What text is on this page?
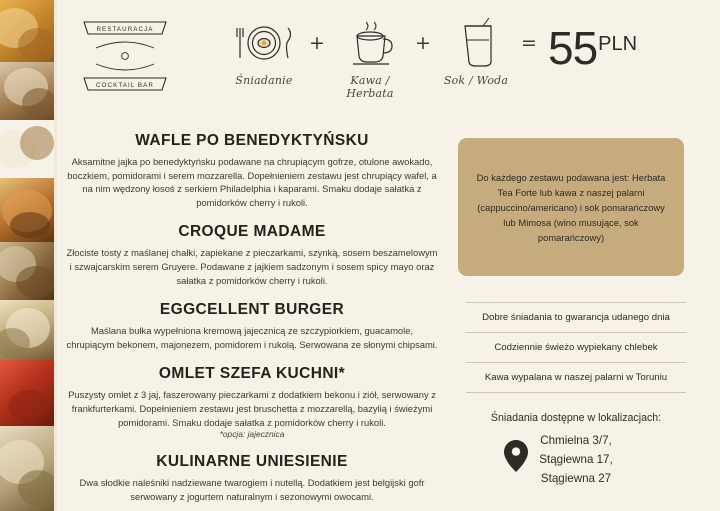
RESTAURACJA
COCKTAIL BAR	Śniadanie
+
Kawa / Herbata
+
Sok / Woda
= 55PLN
WAFLE PO BENEDYKTYŃSKU
Aksamitne jajka po benedyktyńsku podawane na chrupiącym gofrze, otulone awokado, boczkiem, pomidorami i serem mozzarella. Dopełnieniem zestawu jest chrupiący wafel, a na nim wędzony łosoś z serkiem Philadelphia i kaparami. Smaku dodaje sałatka z pomidorków cherry i rukoli.
CROQUE MADAME
Złociste tosty z maślanej chałki, zapiekane z pieczarkami, szynką, sosem beszamelowym i szwajcarskim serem Gruyere. Podawane z jajkiem sadzonym i sosem spicy mayo oraz sałatka z pomidorków cherry i rukoli.
EGGCELLENT BURGER
Maślana bułka wypełniona kremową jajecznicą ze szczypiorkiem, guacamole, chrupiącym bekonem, majonezem, pomidorem i rukolą. Serwowana ze słonymi chipsami.
OMLET SZEFA KUCHNI*
Puszysty omlet z 3 jaj, faszerowany pieczarkami z dodatkiem bekonu i ziół, serwowany z frankfurterkami. Dopełnieniem zestawu jest bruschetta z mozzarellą, bazylią i świeżymi pomidorami. Smaku dodaje sałatka z pomidorków cherry i rukoli.
*opcja: jajecznica
KULINARNE UNIESIENIE
Dwa słodkie naleśniki nadziewane twarogiem i nutellą. Dodatkiem jest belgijski gofr serwowany z jogurtem naturalnym i sezonowymi owocami.
Do każdego zestawu podawana jest: Herbata Tea Forte lub kawa z naszej palarni (cappuccino/americano) i sok pomarańczowy lub Mimosa (wino musujące, sok pomarańczowy)
Dobre śniadania to gwarancja udanego dnia
Codziennie świeżo wypiekany chlebek
Kawa wypalana w naszej palarni w Toruniu
Śniadania dostępne w lokalizacjach:
Chmielna 3/7,
Stągiewna 17,
Stągiewna 27
